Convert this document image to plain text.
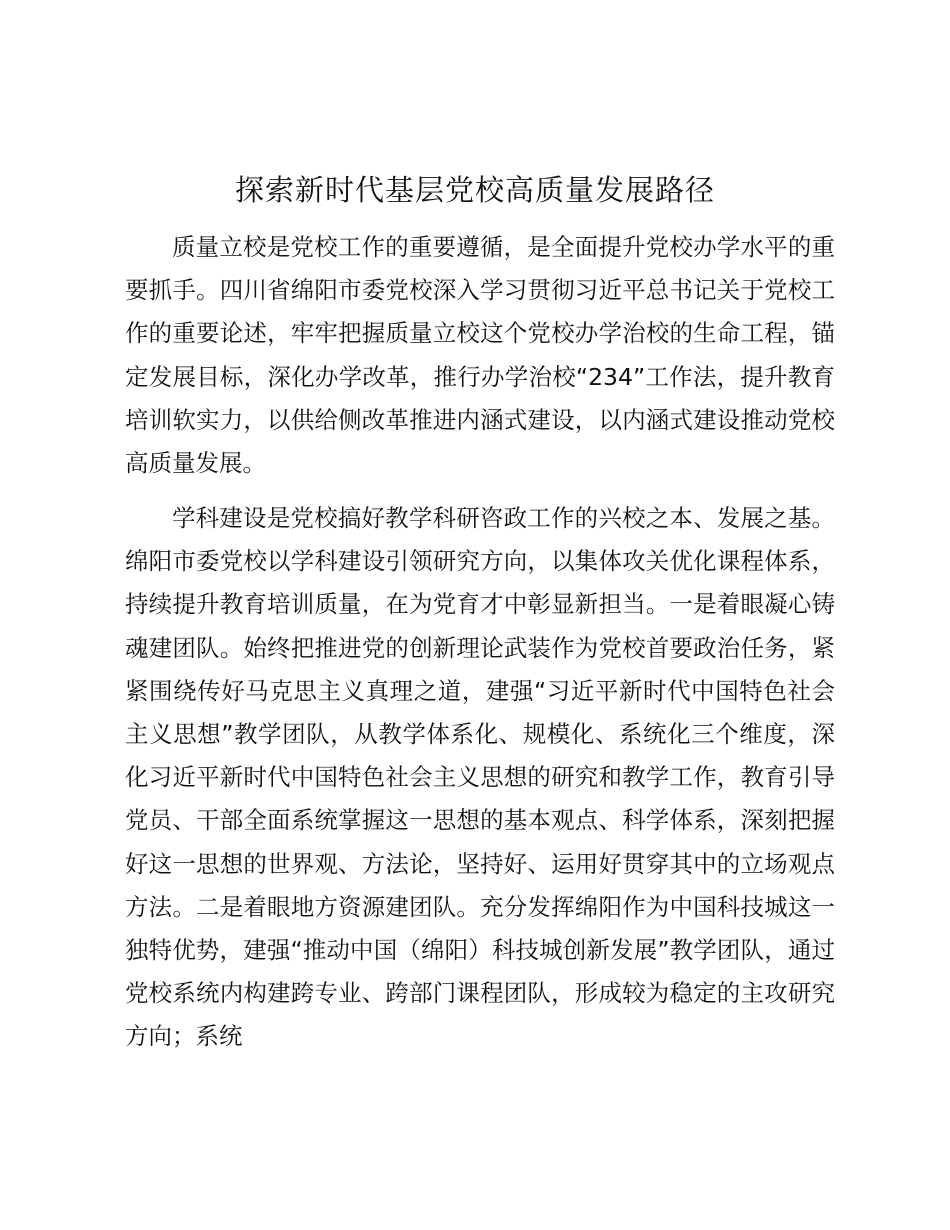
探索新时代基层党校高质量发展路径

质量立校是党校工作的重要遵循，是全面提升党校办学水平的重要抓手。四川省绵阳市委党校深入学习贯彻习近平总书记关于党校工作的重要论述，牢牢把握质量立校这个党校办学治校的生命工程，锚定发展目标，深化办学改革，推行办学治校“234”工作法，提升教育培训软实力，以供给侧改革推进内涵式建设，以内涵式建设推动党校高质量发展。

学科建设是党校搞好教学科研咨政工作的兴校之本、发展之基。绵阳市委党校以学科建设引领研究方向，以集体攻关优化课程体系，持续提升教育培训质量，在为党育才中彰显新担当。一是着眼凝心铸魂建团队。始终把推进党的创新理论武装作为党校首要政治任务，紧紧围绕传好马克思主义真理之道，建强“习近平新时代中国特色社会主义思想”教学团队，从教学体系化、规模化、系统化三个维度，深化习近平新时代中国特色社会主义思想的研究和教学工作，教育引导党员、干部全面系统掌握这一思想的基本观点、科学体系，深刻把握好这一思想的世界观、方法论，坚持好、运用好贯穿其中的立场观点方法。二是着眼地方资源建团队。充分发挥绵阳作为中国科技城这一独特优势，建强“推动中国（绵阳）科技城创新发展”教学团队，通过党校系统内构建跨专业、跨部门课程团队，形成较为稳定的主攻研究方向；系统
